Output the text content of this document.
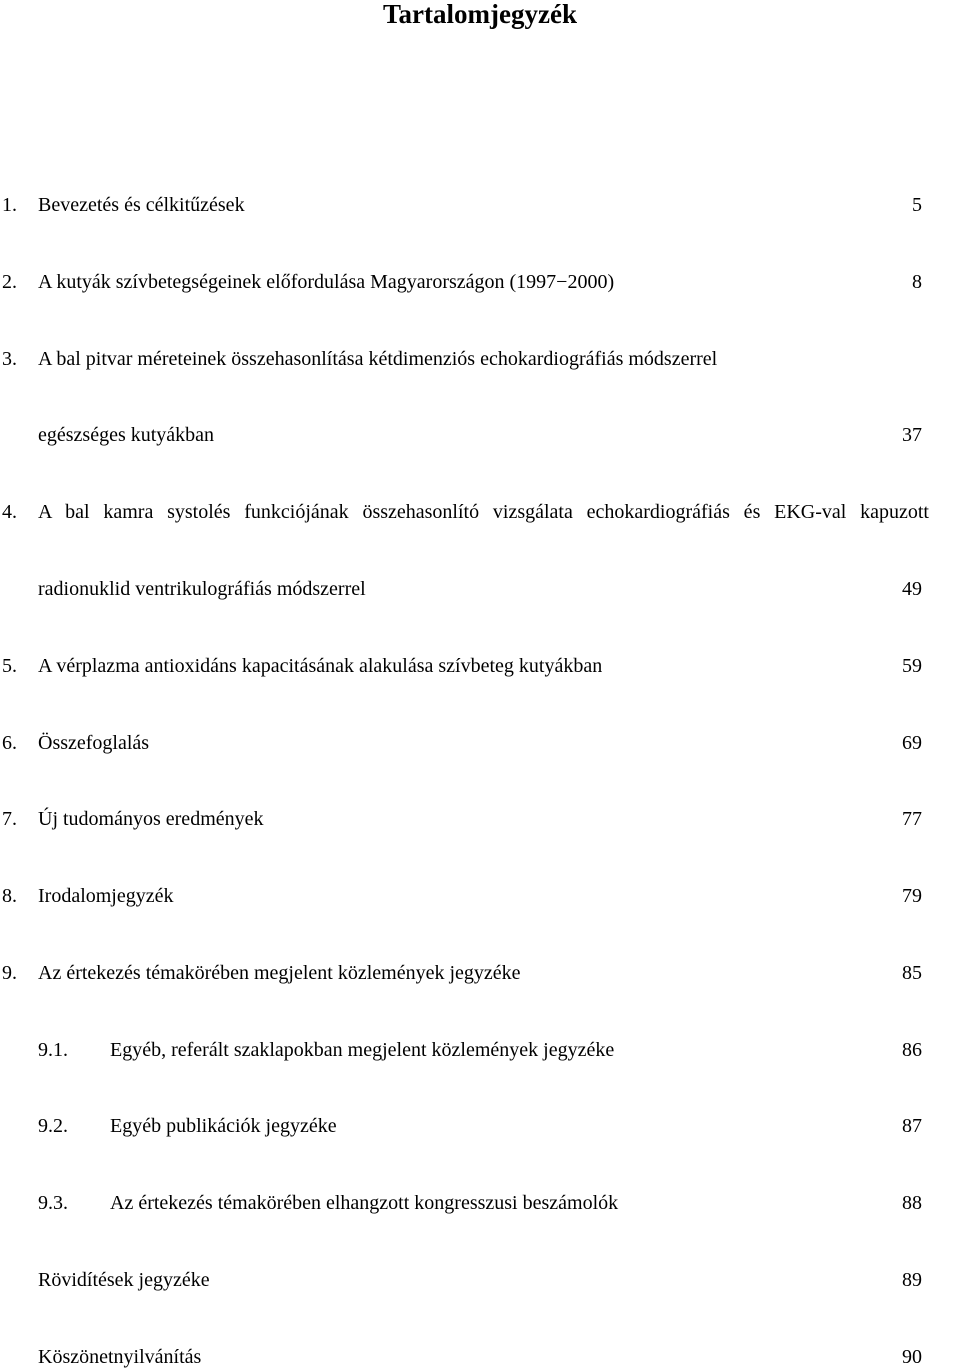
Tartalomjegyzék
1. Bevezetés és célkitűzések	5
2. A kutyák szívbetegségeinek előfordulása Magyarországon (1997−2000)	8
3. A bal pitvar méreteinek összehasonlítása kétdimenziós echokardiográfiás módszerrel
egészséges kutyákban	37
4. A bal kamra systolés funkciójának összehasonlító vizsgálata echokardiográfiás és EKG-val kapuzott
radionuklid ventrikulográfiás módszerrel	49
5. A vérplazma antioxidáns kapacitásának alakulása szívbeteg kutyákban	59
6. Összefoglalás	69
7. Új tudományos eredmények	77
8. Irodalomjegyzék	79
9. Az értekezés témakörében megjelent közlemények jegyzéke	85
9.1. Egyéb, referált szaklapokban megjelent közlemények jegyzéke	86
9.2. Egyéb publikációk jegyzéke	87
9.3. Az értekezés témakörében elhangzott kongresszusi beszámolók	88
Rövidítések jegyzéke	89
Köszönetnyilvánítás	90
